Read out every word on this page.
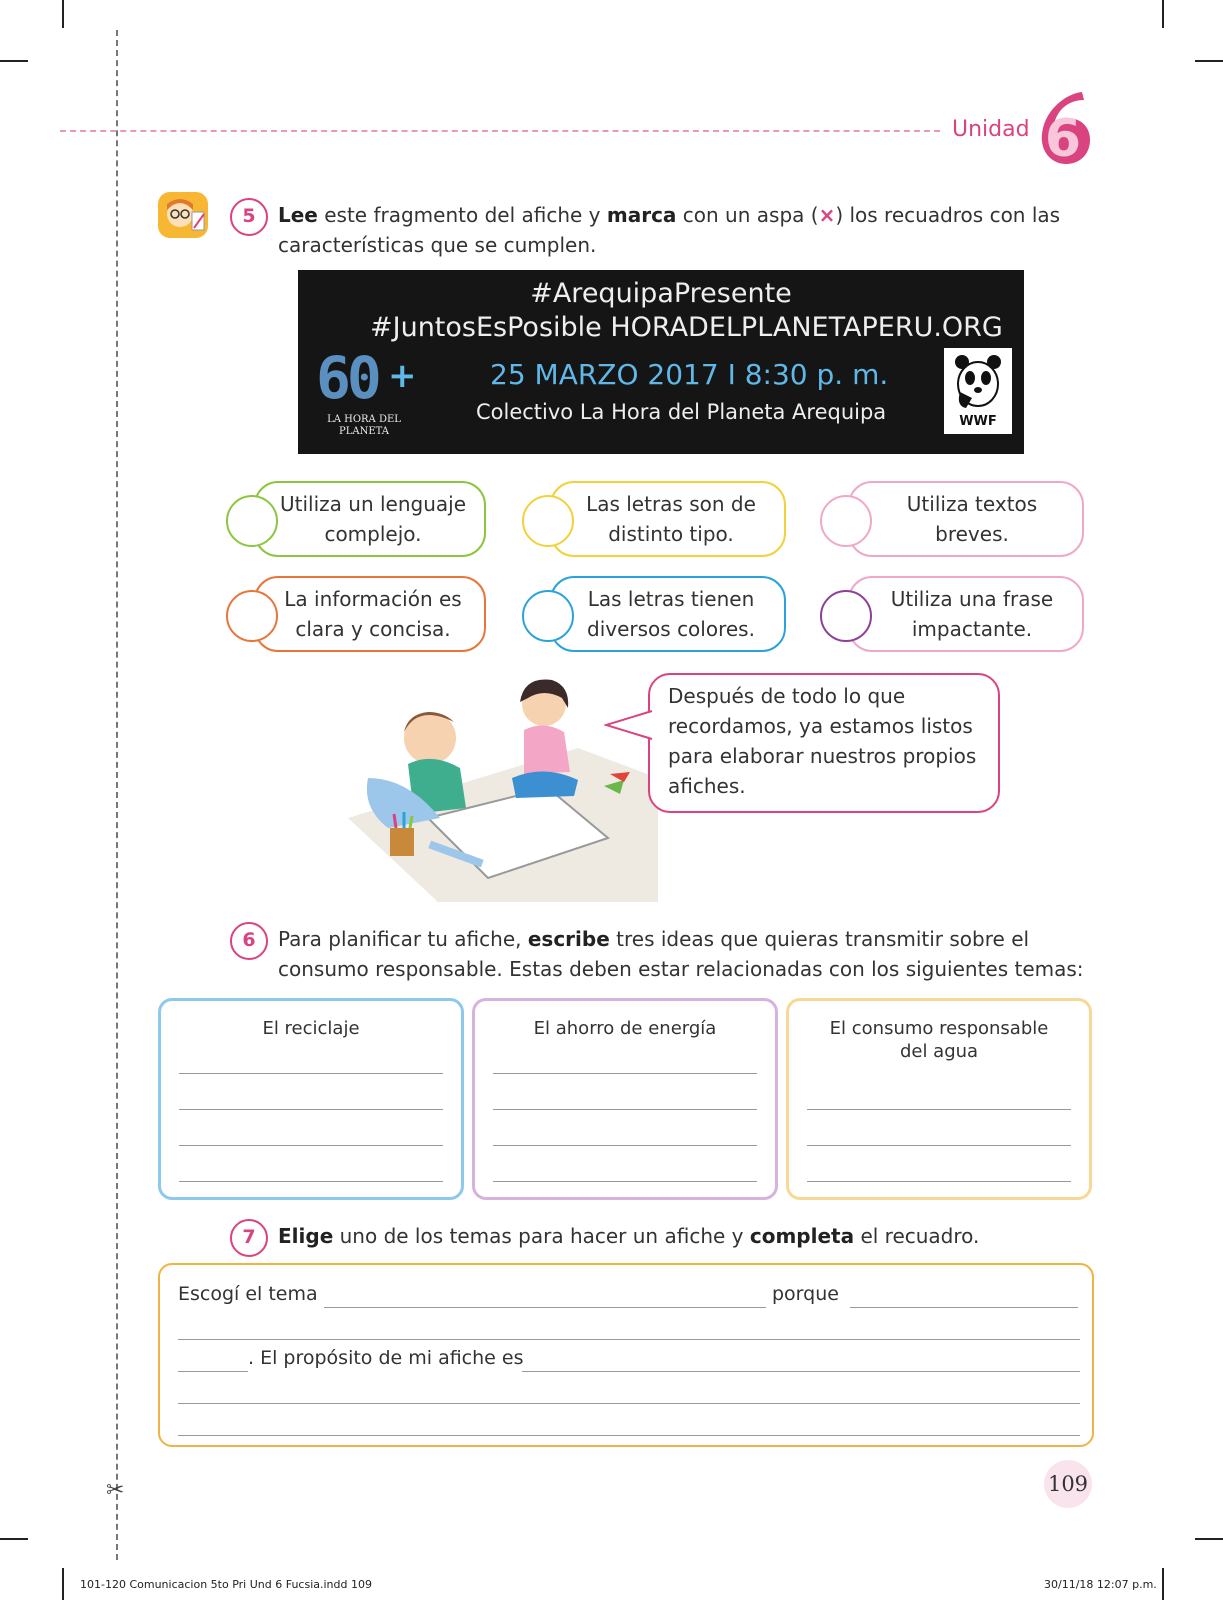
✂
Unidad 6
5	Lee este fragmento del afiche y marca con un aspa (×) los recuadros con las características que se cumplen.
#ArequipaPresente
#JuntosEsPosible HORADELPLANETAPERU.ORG
60 +
LA HORA DEL PLANETA
25 MARZO 2017 I 8:30 p. m.
Colectivo La Hora del Planeta Arequipa	WWF
Utiliza un lenguaje complejo.
Las letras son de distinto tipo.
Utiliza textos breves.
La información es clara y concisa.
Las letras tienen diversos colores.
Utiliza una frase impactante.
Después de todo lo que recordamos, ya estamos listos para elaborar nuestros propios afiches.
6	Para planificar tu afiche, escribe tres ideas que quieras transmitir sobre el consumo responsable. Estas deben estar relacionadas con los siguientes temas:
El reciclaje	El ahorro de energía	El consumo responsable del agua
7	Elige uno de los temas para hacer un afiche y completa el recuadro.
Escogí el tema	porque
. El propósito de mi afiche es
109
101-120 Comunicacion 5to Pri Und 6 Fucsia.indd 109	30/11/18 12:07 p.m.
